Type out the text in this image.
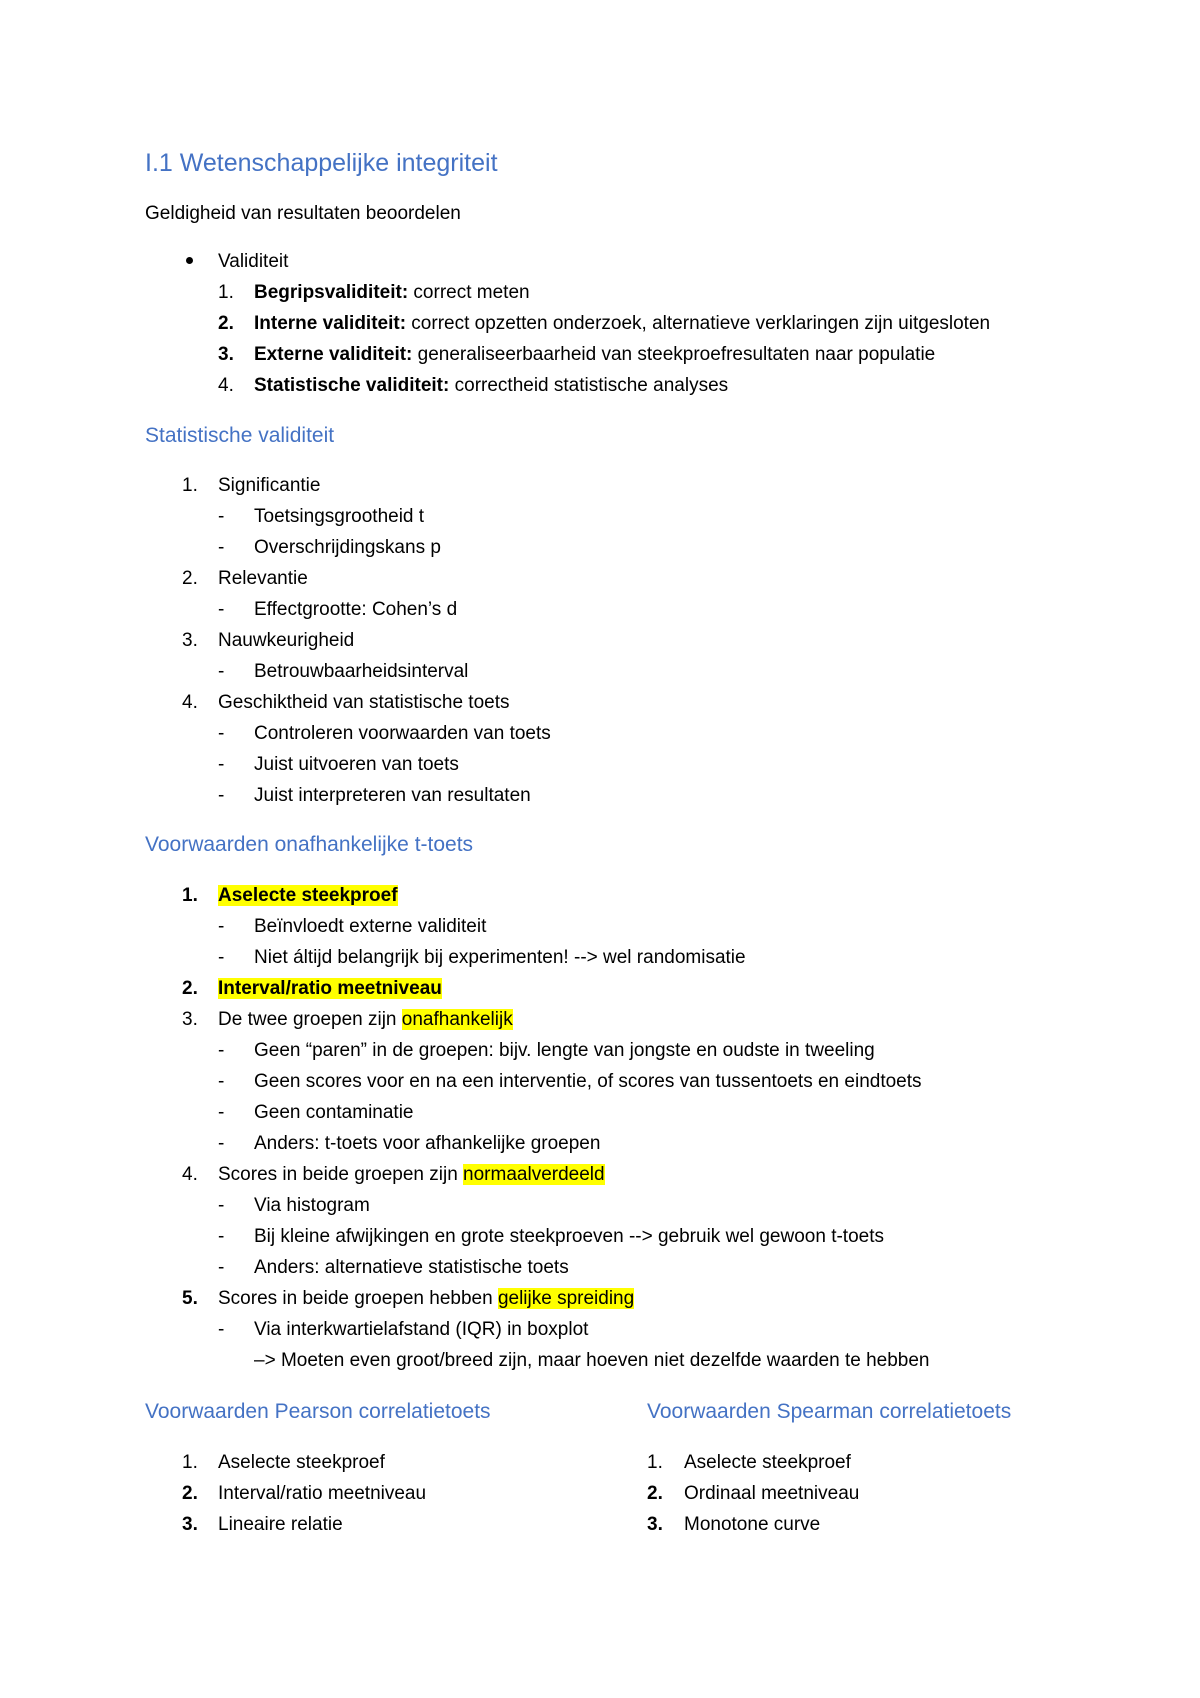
I.1 Wetenschappelijke integriteit
Geldigheid van resultaten beoordelen
Validiteit
1. Begripsvaliditeit: correct meten
2. Interne validiteit: correct opzetten onderzoek, alternatieve verklaringen zijn uitgesloten
3. Externe validiteit: generaliseerbaarheid van steekproefresultaten naar populatie
4. Statistische validiteit: correctheid statistische analyses
Statistische validiteit
1. Significantie
- Toetsingsgrootheid t
- Overschrijdingskans p
2. Relevantie
- Effectgrootte: Cohen’s d
3. Nauwkeurigheid
- Betrouwbaarheidsinterval
4. Geschiktheid van statistische toets
- Controleren voorwaarden van toets
- Juist uitvoeren van toets
- Juist interpreteren van resultaten
Voorwaarden onafhankelijke t-toets
1. Aselecte steekproef
- Beïnvloedt externe validiteit
- Niet áltijd belangrijk bij experimenten! --> wel randomisatie
2. Interval/ratio meetniveau
3. De twee groepen zijn onafhankelijk
- Geen “paren” in de groepen: bijv. lengte van jongste en oudste in tweeling
- Geen scores voor en na een interventie, of scores van tussentoets en eindtoets
- Geen contaminatie
- Anders: t-toets voor afhankelijke groepen
4. Scores in beide groepen zijn normaalverdeeld
- Via histogram
- Bij kleine afwijkingen en grote steekproeven --> gebruik wel gewoon t-toets
- Anders: alternatieve statistische toets
5. Scores in beide groepen hebben gelijke spreiding
- Via interkwartielafstand (IQR) in boxplot
–> Moeten even groot/breed zijn, maar hoeven niet dezelfde waarden te hebben
Voorwaarden Pearson correlatietoets
1. Aselecte steekproef
2. Interval/ratio meetniveau
3. Lineaire relatie
Voorwaarden Spearman correlatietoets
1. Aselecte steekproef
2. Ordinaal meetniveau
3. Monotone curve
